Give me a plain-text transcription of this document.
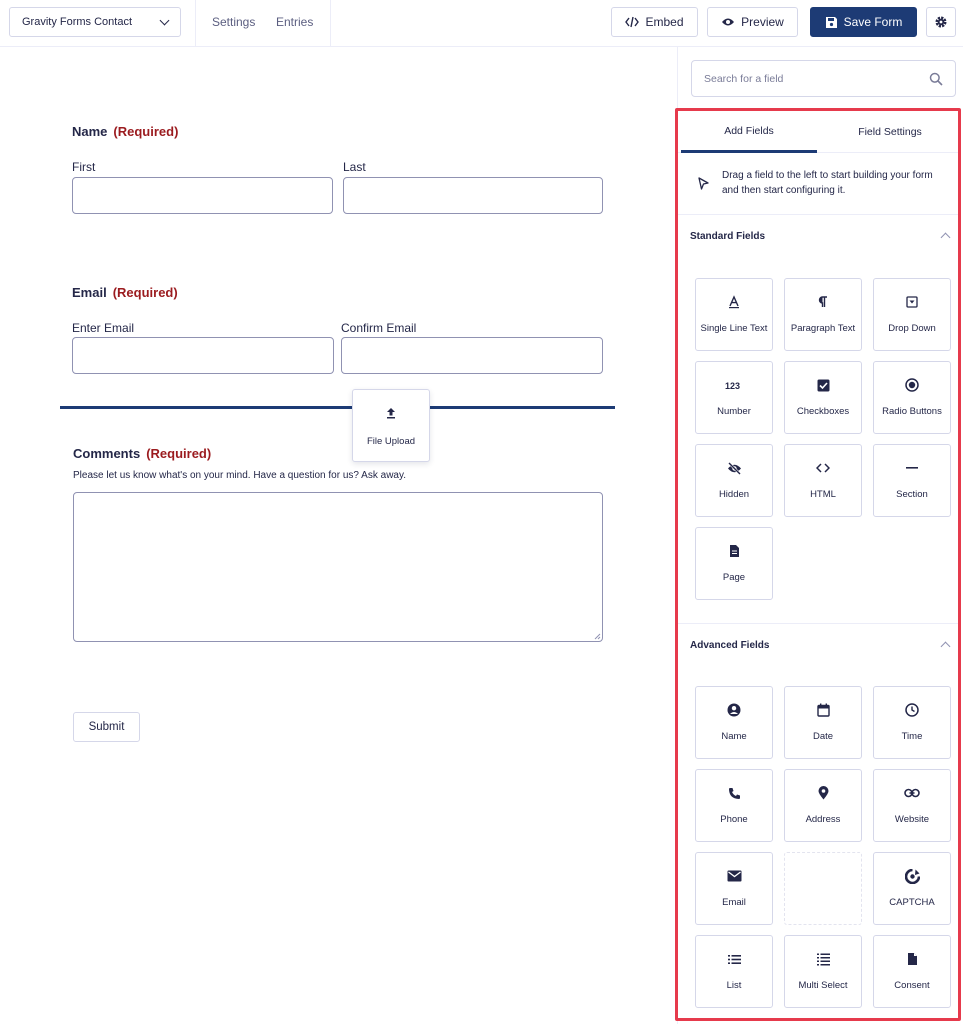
Gravity Forms Contact	Settings Entries	Embed	Preview	Save Form
Name (Required)
First	Last
Email (Required)
Enter Email	Confirm Email
File Upload
Comments (Required)
Please let us know what's on your mind. Have a question for us? Ask away.
Submit
Search for a field
Add Fields	Field Settings
Drag a field to the left to start building your form and then start configuring it.
Standard Fields
Single Line Text Paragraph Text	Drop Down
123
Number	Checkboxes	Radio Buttons
Hidden	HTML	Section
Page
Advanced Fields
Name	Date	Time
Phone	Address	Website
Email	CAPTCHA
List	Multi Select	Consent
